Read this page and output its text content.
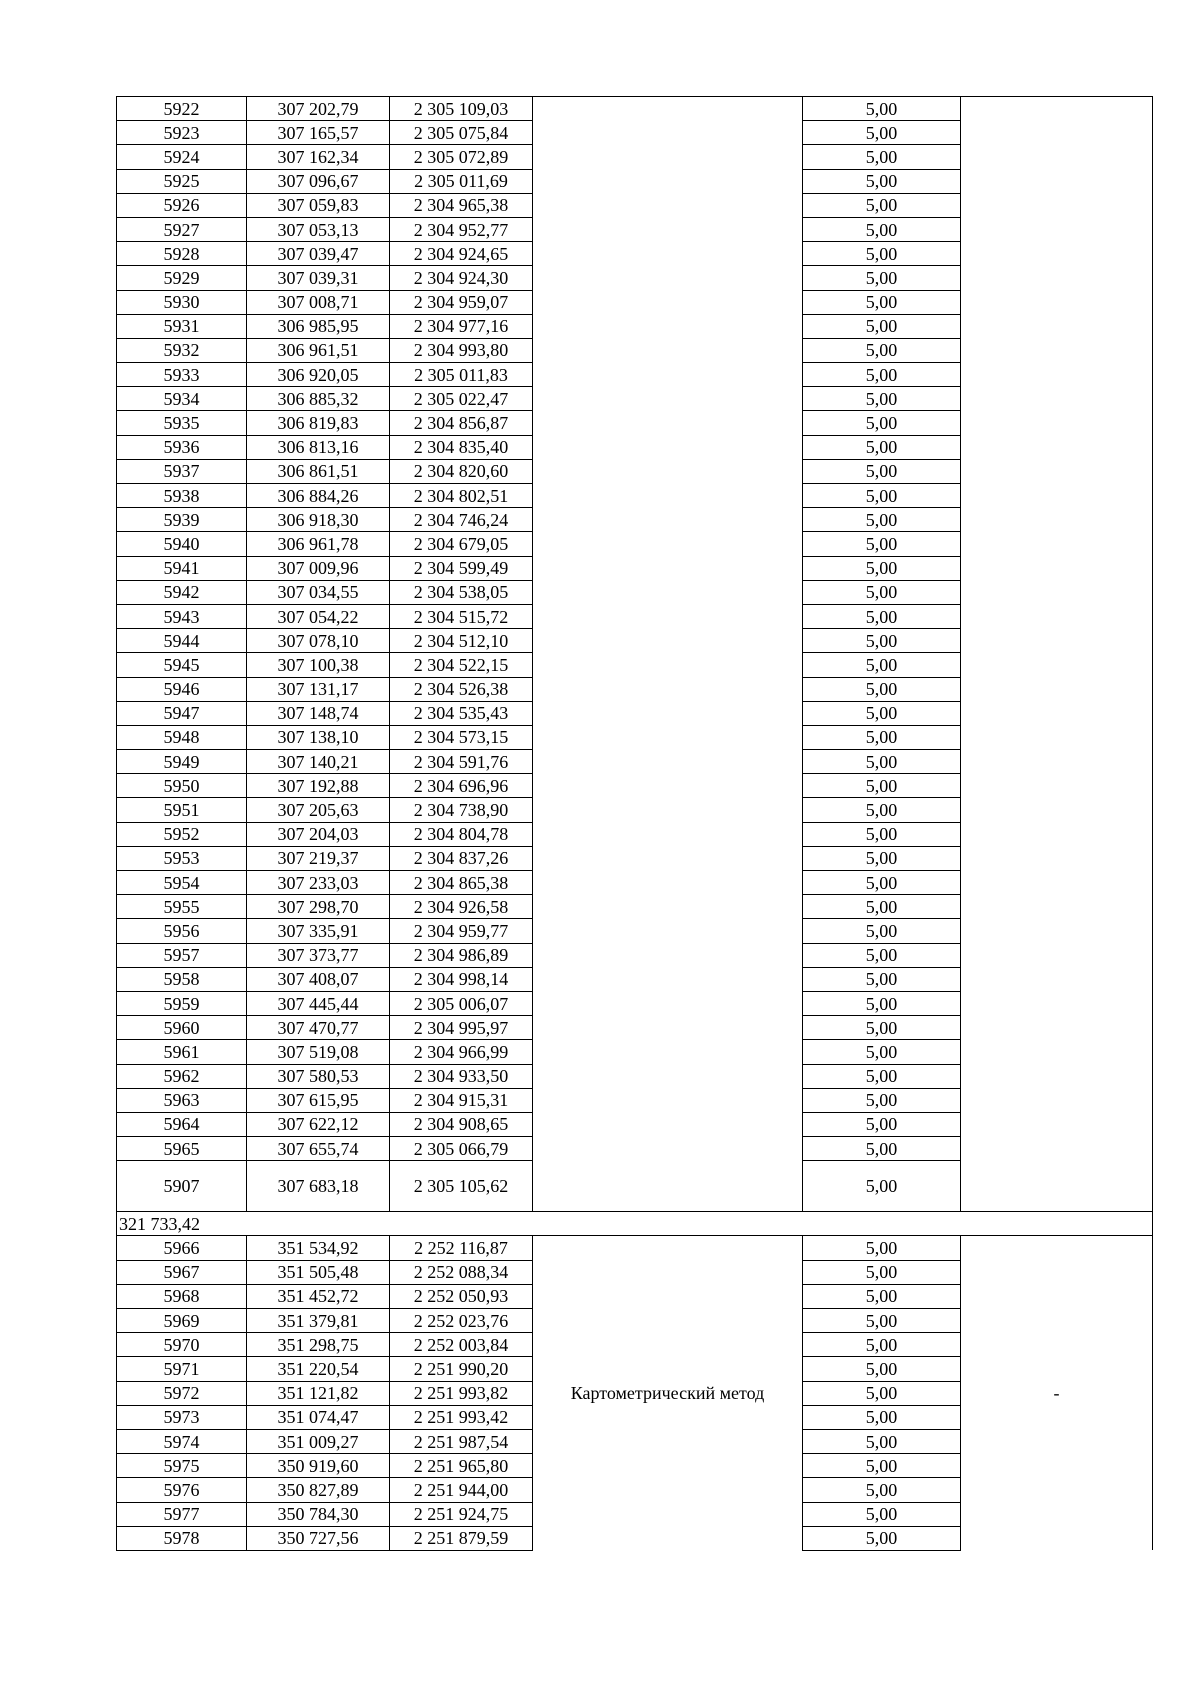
5922	307 202,79	2 305 109,03		5,00	
5923	307 165,57	2 305 075,84		5,00	
5924	307 162,34	2 305 072,89		5,00	
5925	307 096,67	2 305 011,69		5,00	
5926	307 059,83	2 304 965,38		5,00	
5927	307 053,13	2 304 952,77		5,00	
5928	307 039,47	2 304 924,65		5,00	
5929	307 039,31	2 304 924,30		5,00	
5930	307 008,71	2 304 959,07		5,00	
5931	306 985,95	2 304 977,16		5,00	
5932	306 961,51	2 304 993,80		5,00	
5933	306 920,05	2 305 011,83		5,00	
5934	306 885,32	2 305 022,47		5,00	
5935	306 819,83	2 304 856,87		5,00	
5936	306 813,16	2 304 835,40		5,00	
5937	306 861,51	2 304 820,60		5,00	
5938	306 884,26	2 304 802,51		5,00	
5939	306 918,30	2 304 746,24		5,00	
5940	306 961,78	2 304 679,05		5,00	
5941	307 009,96	2 304 599,49		5,00	
5942	307 034,55	2 304 538,05		5,00	
5943	307 054,22	2 304 515,72		5,00	
5944	307 078,10	2 304 512,10		5,00	
5945	307 100,38	2 304 522,15		5,00	
5946	307 131,17	2 304 526,38		5,00	
5947	307 148,74	2 304 535,43		5,00	
5948	307 138,10	2 304 573,15		5,00	
5949	307 140,21	2 304 591,76		5,00	
5950	307 192,88	2 304 696,96		5,00	
5951	307 205,63	2 304 738,90		5,00	
5952	307 204,03	2 304 804,78		5,00	
5953	307 219,37	2 304 837,26		5,00	
5954	307 233,03	2 304 865,38		5,00	
5955	307 298,70	2 304 926,58		5,00	
5956	307 335,91	2 304 959,77		5,00	
5957	307 373,77	2 304 986,89		5,00	
5958	307 408,07	2 304 998,14		5,00	
5959	307 445,44	2 305 006,07		5,00	
5960	307 470,77	2 304 995,97		5,00	
5961	307 519,08	2 304 966,99		5,00	
5962	307 580,53	2 304 933,50		5,00	
5963	307 615,95	2 304 915,31		5,00	
5964	307 622,12	2 304 908,65		5,00	
5965	307 655,74	2 305 066,79		5,00	
5907	307 683,18	2 305 105,62		5,00	
321 733,42					
5966	351 534,92	2 252 116,87	Картометрический метод	5,00	-
5967	351 505,48	2 252 088,34		5,00	
5968	351 452,72	2 252 050,93		5,00	
5969	351 379,81	2 252 023,76		5,00	
5970	351 298,75	2 252 003,84		5,00	
5971	351 220,54	2 251 990,20		5,00	
5972	351 121,82	2 251 993,82		5,00	
5973	351 074,47	2 251 993,42		5,00	
5974	351 009,27	2 251 987,54		5,00	
5975	350 919,60	2 251 965,80		5,00	
5976	350 827,89	2 251 944,00		5,00	
5977	350 784,30	2 251 924,75		5,00	
5978	350 727,56	2 251 879,59		5,00	
